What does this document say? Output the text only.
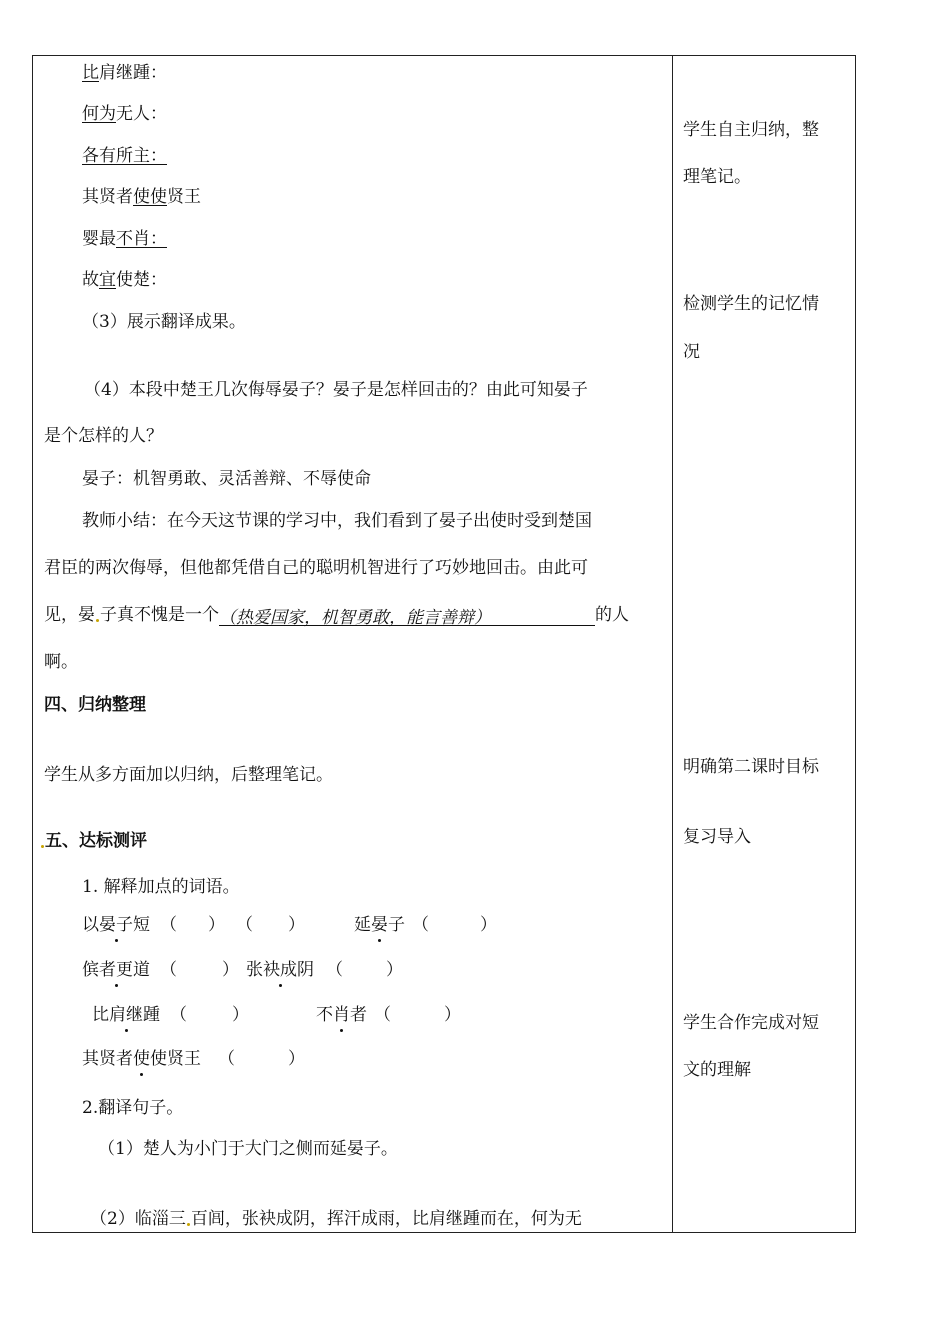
比肩继踵：
何为无人：
各有所主：
其贤者使使贤王
婴最不肖：
故宜使楚：
（3）展示翻译成果。
（4）本段中楚王几次侮辱晏子？晏子是怎样回击的？由此可知晏子
是个怎样的人？
晏子：机智勇敢、灵活善辩、不辱使命
教师小结：在今天这节课的学习中，我们看到了晏子出使时受到楚国
君臣的两次侮辱，但他都凭借自己的聪明机智进行了巧妙地回击。由此可
见，晏 子真不愧是一个（热爱国家，机智勇敢，能言善辩）	的人
啊。
四、归纳整理
学生从多方面加以归纳，后整理笔记。
五、达标测评
1. 解释加点的词语。
以晏子短 （ ） （ ）	延晏子 （	）
傧者更道 （	） 张袂成阴 （	）
比肩继踵 （	）	不肖者 （	）
其贤者使使贤王 （	）
2.翻译句子。
（1）楚人为小门于大门之侧而延晏子。
（2）临淄三 百闾，张袂成阴，挥汗成雨，比肩继踵而在，何为无
学生自主归纳，整
理笔记。
检测学生的记忆情
况
明确第二课时目标
复习导入
学生合作完成对短
文的理解
